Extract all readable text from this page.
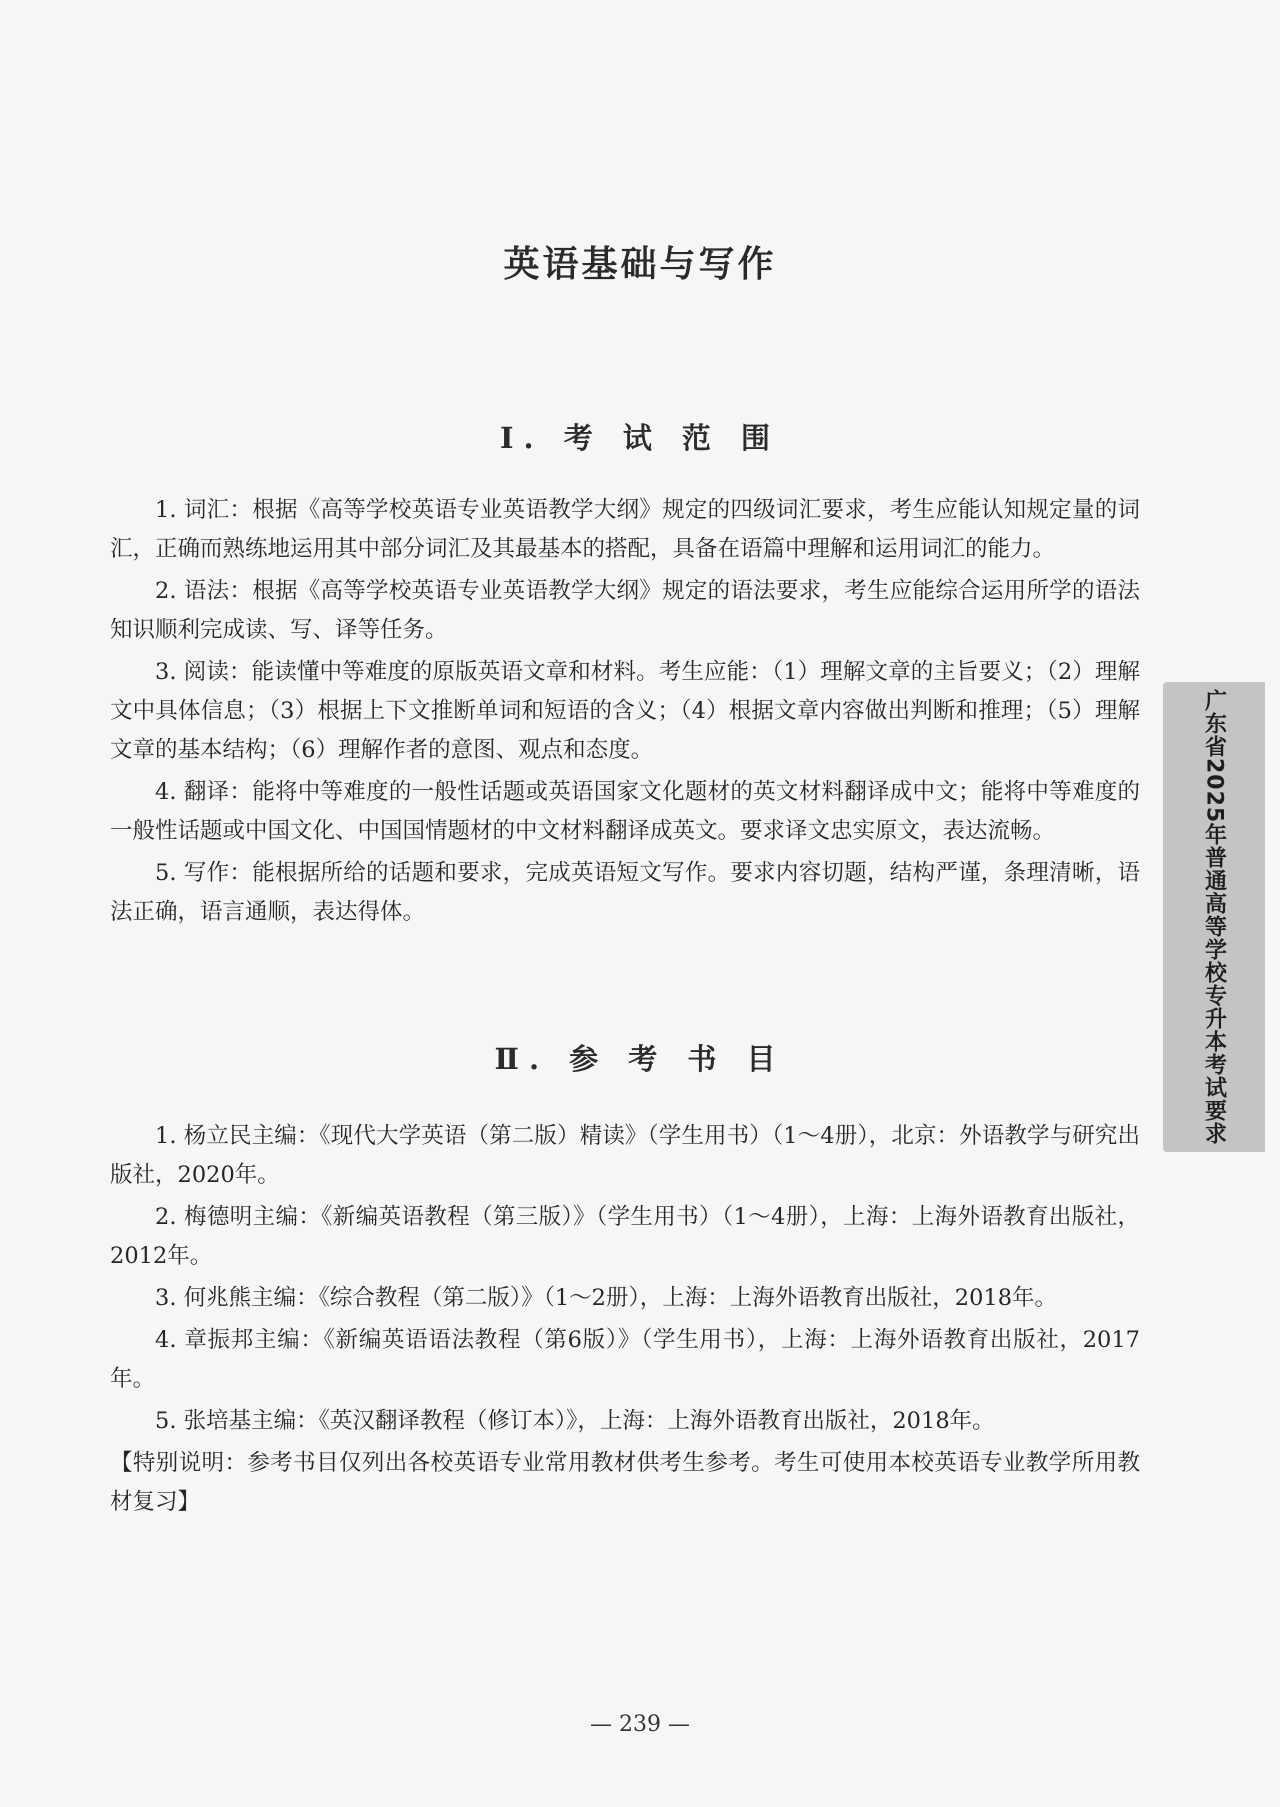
英语基础与写作
Ⅰ. 考 试 范 围

1. 词汇：根据《高等学校英语专业英语教学大纲》规定的四级词汇要求，考生应能认知规定量的词汇，正确而熟练地运用其中部分词汇及其最基本的搭配，具备在语篇中理解和运用词汇的能力。

2. 语法：根据《高等学校英语专业英语教学大纲》规定的语法要求，考生应能综合运用所学的语法知识顺利完成读、写、译等任务。

3. 阅读：能读懂中等难度的原版英语文章和材料。考生应能：（1）理解文章的主旨要义；（2）理解文中具体信息；（3）根据上下文推断单词和短语的含义；（4）根据文章内容做出判断和推理；（5）理解文章的基本结构；（6）理解作者的意图、观点和态度。

4. 翻译：能将中等难度的一般性话题或英语国家文化题材的英文材料翻译成中文；能将中等难度的一般性话题或中国文化、中国国情题材的中文材料翻译成英文。要求译文忠实原文，表达流畅。

5. 写作：能根据所给的话题和要求，完成英语短文写作。要求内容切题，结构严谨，条理清晰，语法正确，语言通顺，表达得体。

Ⅱ. 参 考 书 目

1. 杨立民主编：《现代大学英语（第二版）精读》（学生用书）（1～4册），北京：外语教学与研究出版社，2020年。

2. 梅德明主编：《新编英语教程（第三版）》（学生用书）（1～4册），上海：上海外语教育出版社，2012年。

3. 何兆熊主编：《综合教程（第二版）》（1～2册），上海：上海外语教育出版社，2018年。

4. 章振邦主编：《新编英语语法教程（第6版）》（学生用书），上海：上海外语教育出版社，2017年。

5. 张培基主编：《英汉翻译教程（修订本）》，上海：上海外语教育出版社，2018年。

【特别说明：参考书目仅列出各校英语专业常用教材供考生参考。考生可使用本校英语专业教学所用教材复习】

广东省2025年普通高等学校专升本考试要求
— 239 —
